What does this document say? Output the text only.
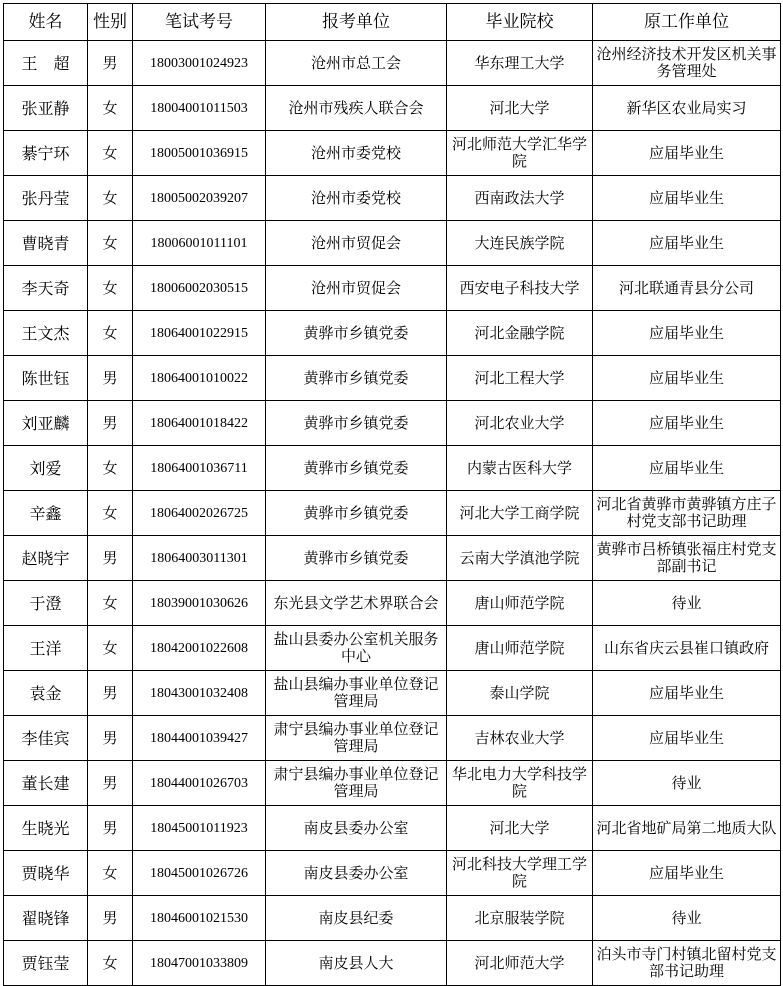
姓名	性别	笔试考号	报考单位	毕业院校	原工作单位
王　超	男	18003001024923	沧州市总工会	华东理工大学	沧州经济技术开发区机关事务管理处
张亚静	女	18004001011503	沧州市残疾人联合会	河北大学	新华区农业局实习
綦宁环	女	18005001036915	沧州市委党校	河北师范大学汇华学院	应届毕业生
张丹莹	女	18005002039207	沧州市委党校	西南政法大学	应届毕业生
曹晓青	女	18006001011101	沧州市贸促会	大连民族学院	应届毕业生
李天奇	女	18006002030515	沧州市贸促会	西安电子科技大学	河北联通青县分公司
王文杰	女	18064001022915	黄骅市乡镇党委	河北金融学院	应届毕业生
陈世钰	男	18064001010022	黄骅市乡镇党委	河北工程大学	应届毕业生
刘亚麟	男	18064001018422	黄骅市乡镇党委	河北农业大学	应届毕业生
刘爱	女	18064001036711	黄骅市乡镇党委	内蒙古医科大学	应届毕业生
辛鑫	女	18064002026725	黄骅市乡镇党委	河北大学工商学院	河北省黄骅市黄骅镇方庄子村党支部书记助理
赵晓宇	男	18064003011301	黄骅市乡镇党委	云南大学滇池学院	黄骅市吕桥镇张福庄村党支部副书记
于澄	女	18039001030626	东光县文学艺术界联合会	唐山师范学院	待业
王洋	女	18042001022608	盐山县委办公室机关服务中心	唐山师范学院	山东省庆云县崔口镇政府
袁金	男	18043001032408	盐山县编办事业单位登记管理局	泰山学院	应届毕业生
李佳宾	男	18044001039427	肃宁县编办事业单位登记管理局	吉林农业大学	应届毕业生
董长建	男	18044001026703	肃宁县编办事业单位登记管理局	华北电力大学科技学院	待业
生晓光	男	18045001011923	南皮县委办公室	河北大学	河北省地矿局第二地质大队
贾晓华	女	18045001026726	南皮县委办公室	河北科技大学理工学院	应届毕业生
翟晓锋	男	18046001021530	南皮县纪委	北京服装学院	待业
贾钰莹	女	18047001033809	南皮县人大	河北师范大学	泊头市寺门村镇北留村党支部书记助理
